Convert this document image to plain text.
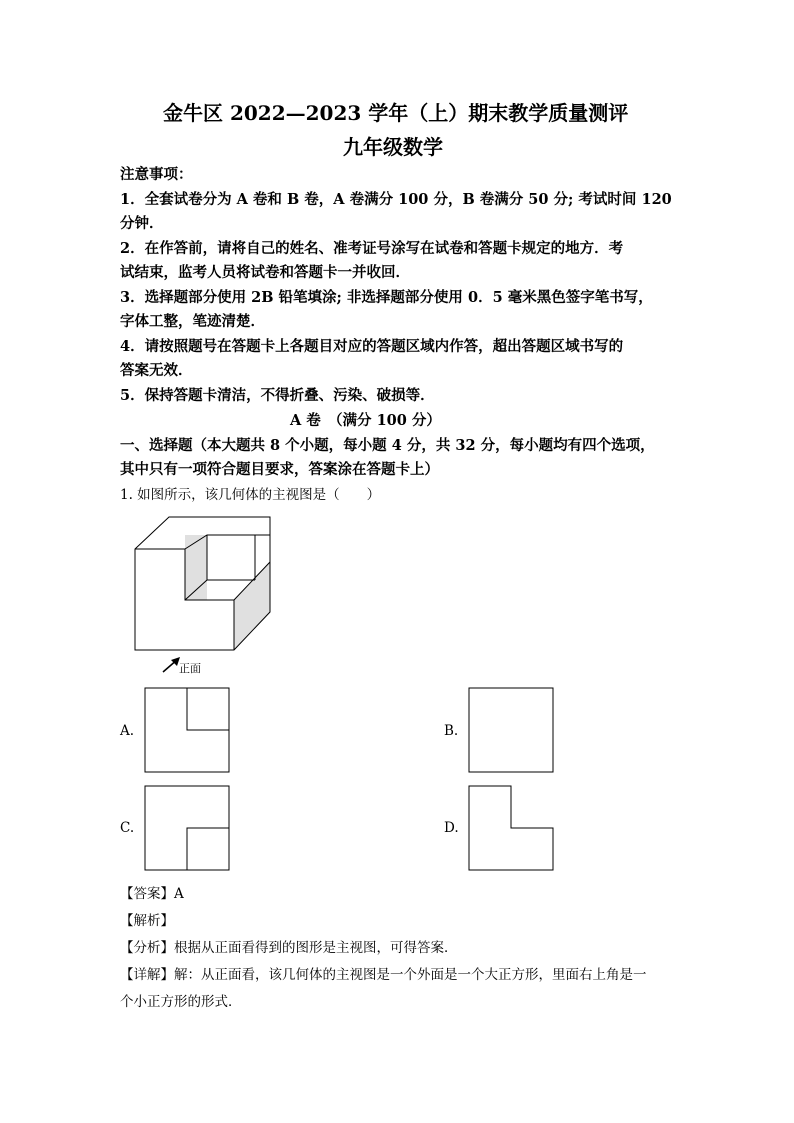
金牛区 2022—2023 学年（上）期末教学质量测评
九年级数学
注意事项：
1．全套试卷分为 A 卷和 B 卷，A 卷满分 100 分，B 卷满分 50 分; 考试时间 120
分钟．
2．在作答前，请将自己的姓名、准考证号涂写在试卷和答题卡规定的地方．考
试结束，监考人员将试卷和答题卡一并收回．
3．选择题部分使用 2B 铅笔填涂; 非选择题部分使用 0．5 毫米黑色签字笔书写，
字体工整，笔迹清楚．
4．请按照题号在答题卡上各题目对应的答题区域内作答，超出答题区域书写的
答案无效．
5．保持答题卡清洁，不得折叠、污染、破损等．
A 卷　（满分 100 分）
一、选择题（本大题共 8 个小题，每小题 4 分，共 32 分，每小题均有四个选项，
其中只有一项符合题目要求，答案涂在答题卡上）
1. 如图所示，该几何体的主视图是（　　）
正面
A.	B.
C.	D.
【答案】A
【解析】
【分析】根据从正面看得到的图形是主视图，可得答案．
【详解】解：从正面看，该几何体的主视图是一个外面是一个大正方形，里面右上角是一
个小正方形的形式．
